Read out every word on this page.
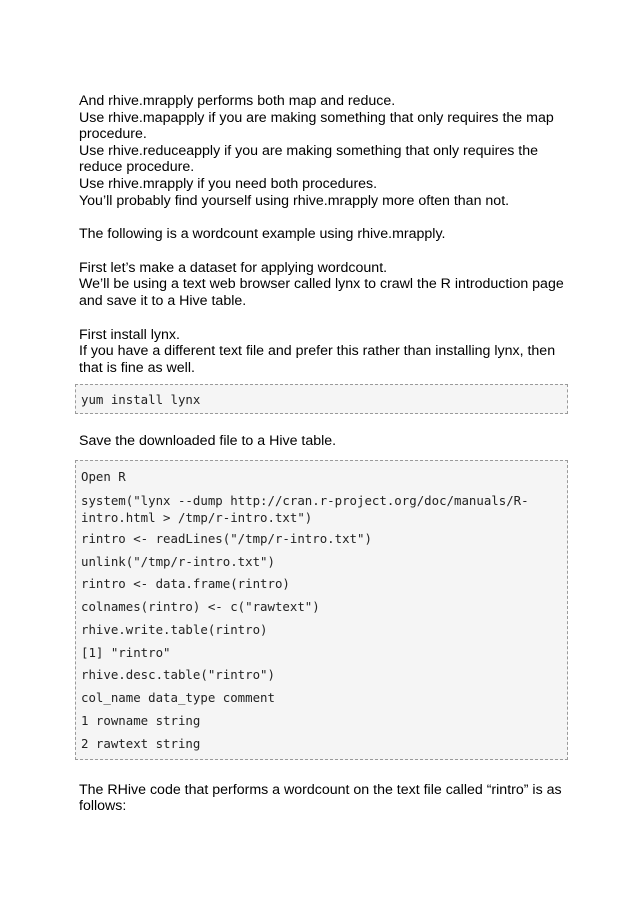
And rhive.mrapply performs both map and reduce.
Use rhive.mapapply if you are making something that only requires the map
procedure.
Use rhive.reduceapply if you are making something that only requires the
reduce procedure.
Use rhive.mrapply if you need both procedures.
You’ll probably find yourself using rhive.mrapply more often than not.

The following is a wordcount example using rhive.mrapply.

First let’s make a dataset for applying wordcount.
We’ll be using a text web browser called lynx to crawl the R introduction page
and save it to a Hive table.

First install lynx.
If you have a different text file and prefer this rather than installing lynx, then
that is fine as well.

yum install lynx

Save the downloaded file to a Hive table.

Open R
system("lynx --dump http://cran.r-project.org/doc/manuals/R-
intro.html > /tmp/r-intro.txt")
rintro <- readLines("/tmp/r-intro.txt")
unlink("/tmp/r-intro.txt")
rintro <- data.frame(rintro)
colnames(rintro) <- c("rawtext")
rhive.write.table(rintro)
[1] "rintro"
rhive.desc.table("rintro")
col_name data_type comment
1 rowname string
2 rawtext string

The RHive code that performs a wordcount on the text file called “rintro” is as
follows:
